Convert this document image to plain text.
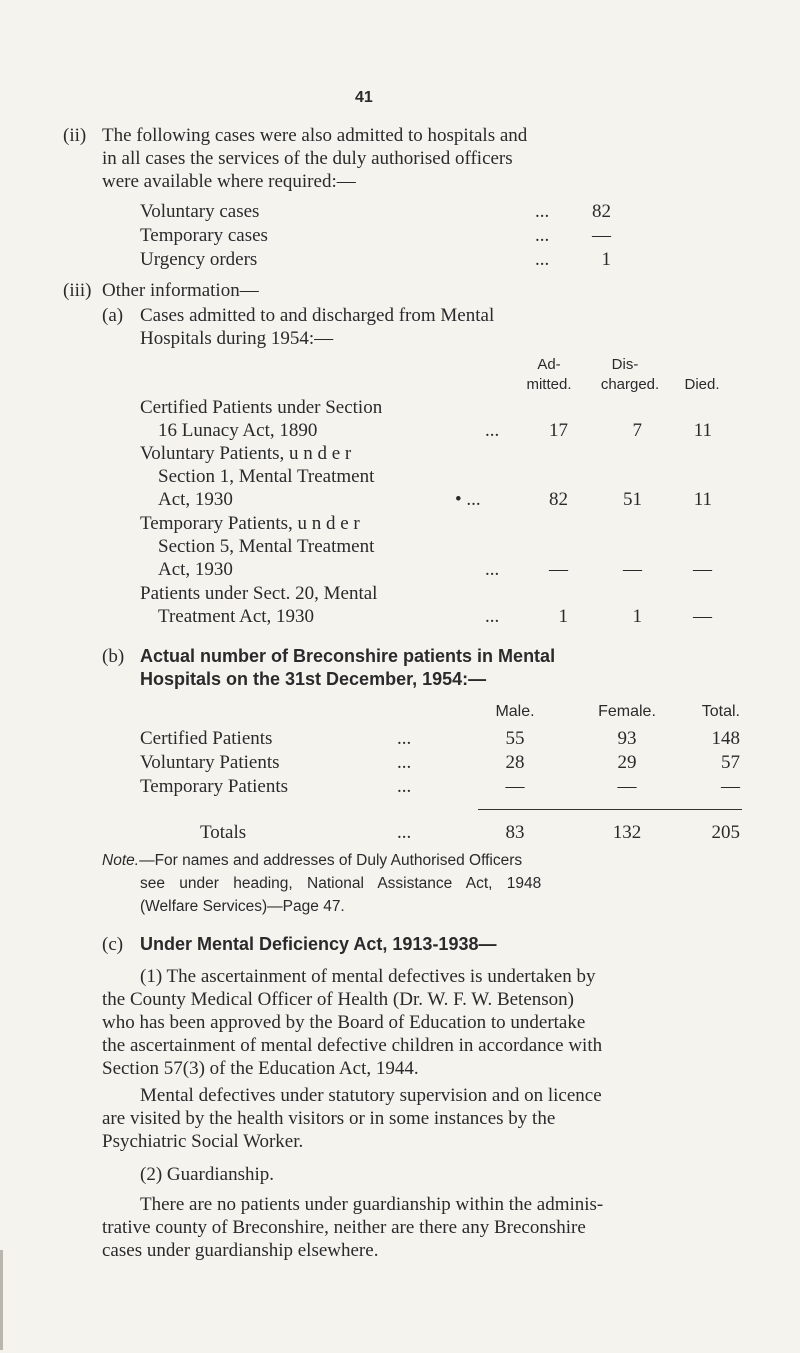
41
(ii) The following cases were also admitted to hospitals and
in all cases the services of the duly authorised officers
were available where required:—
Voluntary cases	...	82
Temporary cases	...	—
Urgency orders	...	1
(iii) Other information—
(a) Cases admitted to and discharged from Mental
Hospitals during 1954:—
Ad-	Dis-
mitted.	charged.	Died.
Certified Patients under Section
16 Lunacy Act, 1890	...	17	7	11
Voluntary Patients, u n d e r
Section 1, Mental Treatment
Act, 1930	• ...	82	51	11
Temporary Patients, u n d e r
Section 5, Mental Treatment
Act, 1930	...	—	—	—
Patients under Sect. 20, Mental
Treatment Act, 1930	...	1	1	—
(b) Actual number of Breconshire patients in Mental
Hospitals on the 31st December, 1954:—
Male.	Female.	Total.
Certified Patients	...	55	93	148
Voluntary Patients	...	28	29	57
Temporary Patients	...	—	—	—
Totals	...	83	132	205
Note.—For names and addresses of Duly Authorised Officers
see under heading, National Assistance Act, 1948
(Welfare Services)—Page 47.
(c) Under Mental Deficiency Act, 1913-1938—
(1) The ascertainment of mental defectives is undertaken by
the County Medical Officer of Health (Dr. W. F. W. Betenson)
who has been approved by the Board of Education to undertake
the ascertainment of mental defective children in accordance with
Section 57(3) of the Education Act, 1944.
Mental defectives under statutory supervision and on licence
are visited by the health visitors or in some instances by the
Psychiatric Social Worker.
(2) Guardianship.
There are no patients under guardianship within the adminis-
trative county of Breconshire, neither are there any Breconshire
cases under guardianship elsewhere.
